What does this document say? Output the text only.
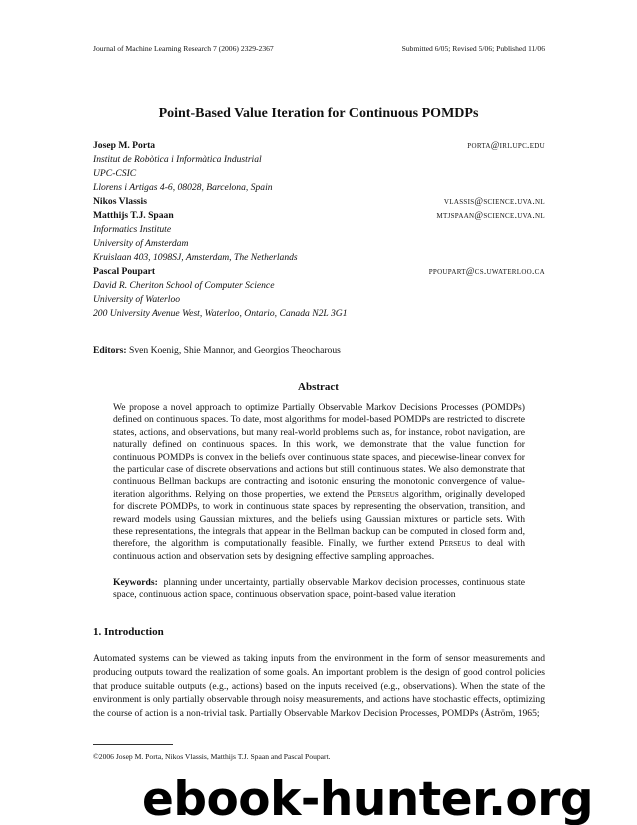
Journal of Machine Learning Research 7 (2006) 2329-2367	Submitted 6/05; Revised 5/06; Published 11/06
Point-Based Value Iteration for Continuous POMDPs
Josep M. Porta	porta@iri.upc.edu
Institut de Robòtica i Informàtica Industrial
UPC-CSIC
Llorens i Artigas 4-6, 08028, Barcelona, Spain
Nikos Vlassis	vlassis@science.uva.nl
Matthijs T.J. Spaan	mtjspaan@science.uva.nl
Informatics Institute
University of Amsterdam
Kruislaan 403, 1098SJ, Amsterdam, The Netherlands
Pascal Poupart	ppoupart@cs.uwaterloo.ca
David R. Cheriton School of Computer Science
University of Waterloo
200 University Avenue West, Waterloo, Ontario, Canada N2L 3G1
Editors: Sven Koenig, Shie Mannor, and Georgios Theocharous
Abstract
We propose a novel approach to optimize Partially Observable Markov Decisions Processes (POMDPs) defined on continuous spaces. To date, most algorithms for model-based POMDPs are restricted to discrete states, actions, and observations, but many real-world problems such as, for instance, robot navigation, are naturally defined on continuous spaces. In this work, we demonstrate that the value function for continuous POMDPs is convex in the beliefs over continuous state spaces, and piecewise-linear convex for the particular case of discrete observations and actions but still continuous states. We also demonstrate that continuous Bellman backups are contracting and isotonic ensuring the monotonic convergence of value-iteration algorithms. Relying on those properties, we extend the Perseus algorithm, originally developed for discrete POMDPs, to work in continuous state spaces by representing the observation, transition, and reward models using Gaussian mixtures, and the beliefs using Gaussian mixtures or particle sets. With these representations, the integrals that appear in the Bellman backup can be computed in closed form and, therefore, the algorithm is computationally feasible. Finally, we further extend Perseus to deal with continuous action and observation sets by designing effective sampling approaches.
Keywords: planning under uncertainty, partially observable Markov decision processes, continuous state space, continuous action space, continuous observation space, point-based value iteration
1. Introduction
Automated systems can be viewed as taking inputs from the environment in the form of sensor measurements and producing outputs toward the realization of some goals. An important problem is the design of good control policies that produce suitable outputs (e.g., actions) based on the inputs received (e.g., observations). When the state of the environment is only partially observable through noisy measurements, and actions have stochastic effects, optimizing the course of action is a non-trivial task. Partially Observable Markov Decision Processes, POMDPs (Åström, 1965;
©2006 Josep M. Porta, Nikos Vlassis, Matthijs T.J. Spaan and Pascal Poupart.
ebook-hunter.org
